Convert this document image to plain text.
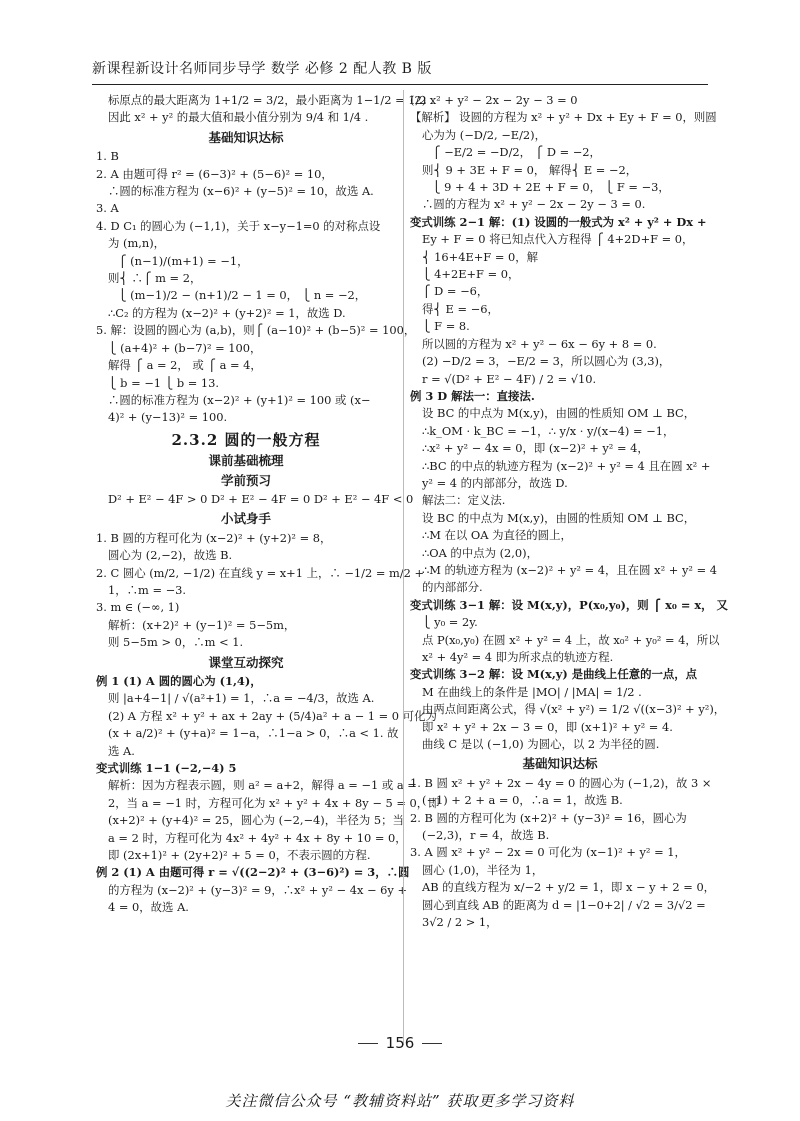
新课程新设计名师同步导学 数学 必修 2 配人教 B 版
标原点的最大距离为 1+1/2 = 3/2，最小距离为 1−1/2 = 1/2 .
因此 x² + y² 的最大值和最小值分别为 9/4 和 1/4 .
基础知识达标
1. B
2. A 由题可得 r² = (6−3)² + (5−6)² = 10，
∴圆的标准方程为 (x−6)² + (y−5)² = 10，故选 A.
3. A
4. D C₁ 的圆心为 (−1,1)，关于 x−y−1=0 的对称点设
为 (m,n)，
⎧ (n−1)/(m+1) = −1，
则⎨ ∴⎧ m = 2，
⎩ (m−1)/2 − (n+1)/2 − 1 = 0， ⎩ n = −2，
∴C₂ 的方程为 (x−2)² + (y+2)² = 1，故选 D.
5. 解：设圆的圆心为 (a,b)，则⎧ (a−10)² + (b−5)² = 100，
⎩ (a+4)² + (b−7)² = 100，
解得 ⎧ a = 2， 或 ⎧ a = 4，
⎩ b = −1 ⎩ b = 13.
∴圆的标准方程为 (x−2)² + (y+1)² = 100 或 (x−
4)² + (y−13)² = 100.
2.3.2 圆的一般方程
课前基础梳理
学前预习
D² + E² − 4F > 0 D² + E² − 4F = 0 D² + E² − 4F < 0
小试身手
1. B 圆的方程可化为 (x−2)² + (y+2)² = 8，
圆心为 (2,−2)，故选 B.
2. C 圆心 (m/2, −1/2) 在直线 y = x+1 上，∴ −1/2 = m/2 +
1，∴m = −3.
3. m ∈ (−∞, 1)
解析：(x+2)² + (y−1)² = 5−5m，
则 5−5m > 0，∴m < 1.
课堂互动探究
例 1 (1) A 圆的圆心为 (1,4)，
则 |a+4−1| / √(a²+1) = 1，∴a = −4/3，故选 A.
(2) A 方程 x² + y² + ax + 2ay + (5/4)a² + a − 1 = 0 可化为
(x + a/2)² + (y+a)² = 1−a，∴1−a > 0，∴a < 1. 故
选 A.
变式训练 1−1 (−2,−4) 5
解析：因为方程表示圆，则 a² = a+2，解得 a = −1 或 a =
2，当 a = −1 时，方程可化为 x² + y² + 4x + 8y − 5 = 0，即
(x+2)² + (y+4)² = 25，圆心为 (−2,−4)，半径为 5；当
a = 2 时，方程可化为 4x² + 4y² + 4x + 8y + 10 = 0，
即 (2x+1)² + (2y+2)² + 5 = 0，不表示圆的方程.
例 2 (1) A 由题可得 r = √((2−2)² + (3−6)²) = 3，∴圆
的方程为 (x−2)² + (y−3)² = 9，∴x² + y² − 4x − 6y +
4 = 0，故选 A.
(2) x² + y² − 2x − 2y − 3 = 0
【解析】 设圆的方程为 x² + y² + Dx + Ey + F = 0，则圆
心为为 (−D/2, −E/2)，
⎧ −E/2 = −D/2， ⎧ D = −2，
则⎨ 9 + 3E + F = 0， 解得⎨ E = −2，
⎩ 9 + 4 + 3D + 2E + F = 0， ⎩ F = −3，
∴圆的方程为 x² + y² − 2x − 2y − 3 = 0.
变式训练 2−1 解：(1) 设圆的一般式为 x² + y² + Dx +
Ey + F = 0 将已知点代入方程得 ⎧ 4+2D+F = 0，
⎨ 16+4E+F = 0，解
⎩ 4+2E+F = 0，
⎧ D = −6，
得⎨ E = −6，
⎩ F = 8.
所以圆的方程为 x² + y² − 6x − 6y + 8 = 0.
(2) −D/2 = 3，−E/2 = 3，所以圆心为 (3,3)，
r = √(D² + E² − 4F) / 2 = √10.
例 3 D 解法一：直接法.
设 BC 的中点为 M(x,y)，由圆的性质知 OM ⊥ BC，
∴k_OM · k_BC = −1，∴ y/x · y/(x−4) = −1，
∴x² + y² − 4x = 0，即 (x−2)² + y² = 4，
∴BC 的中点的轨迹方程为 (x−2)² + y² = 4 且在圆 x² +
y² = 4 的内部部分，故选 D.
解法二：定义法.
设 BC 的中点为 M(x,y)，由圆的性质知 OM ⊥ BC，
∴M 在以 OA 为直径的圆上，
∴OA 的中点为 (2,0)，
∴M 的轨迹方程为 (x−2)² + y² = 4，且在圆 x² + y² = 4
的内部部分.
变式训练 3−1 解：设 M(x,y)，P(x₀,y₀)，则 ⎧ x₀ = x， 又
⎩ y₀ = 2y.
点 P(x₀,y₀) 在圆 x² + y² = 4 上，故 x₀² + y₀² = 4，所以
x² + 4y² = 4 即为所求点的轨迹方程.
变式训练 3−2 解：设 M(x,y) 是曲线上任意的一点，点
M 在曲线上的条件是 |MO| / |MA| = 1/2 .
由两点间距离公式，得 √(x² + y²) = 1/2 √((x−3)² + y²)，
即 x² + y² + 2x − 3 = 0，即 (x+1)² + y² = 4.
曲线 C 是以 (−1,0) 为圆心，以 2 为半径的圆.
基础知识达标
1. B 圆 x² + y² + 2x − 4y = 0 的圆心为 (−1,2)，故 3 ×
(−1) + 2 + a = 0，∴a = 1，故选 B.
2. B 圆的方程可化为 (x+2)² + (y−3)² = 16，圆心为
(−2,3)，r = 4，故选 B.
3. A 圆 x² + y² − 2x = 0 可化为 (x−1)² + y² = 1，
圆心 (1,0)，半径为 1，
AB 的直线方程为 x/−2 + y/2 = 1，即 x − y + 2 = 0，
圆心到直线 AB 的距离为 d = |1−0+2| / √2 = 3/√2 =
3√2 / 2 > 1，
156
关注微信公众号 “教辅资料站” 获取更多学习资料
